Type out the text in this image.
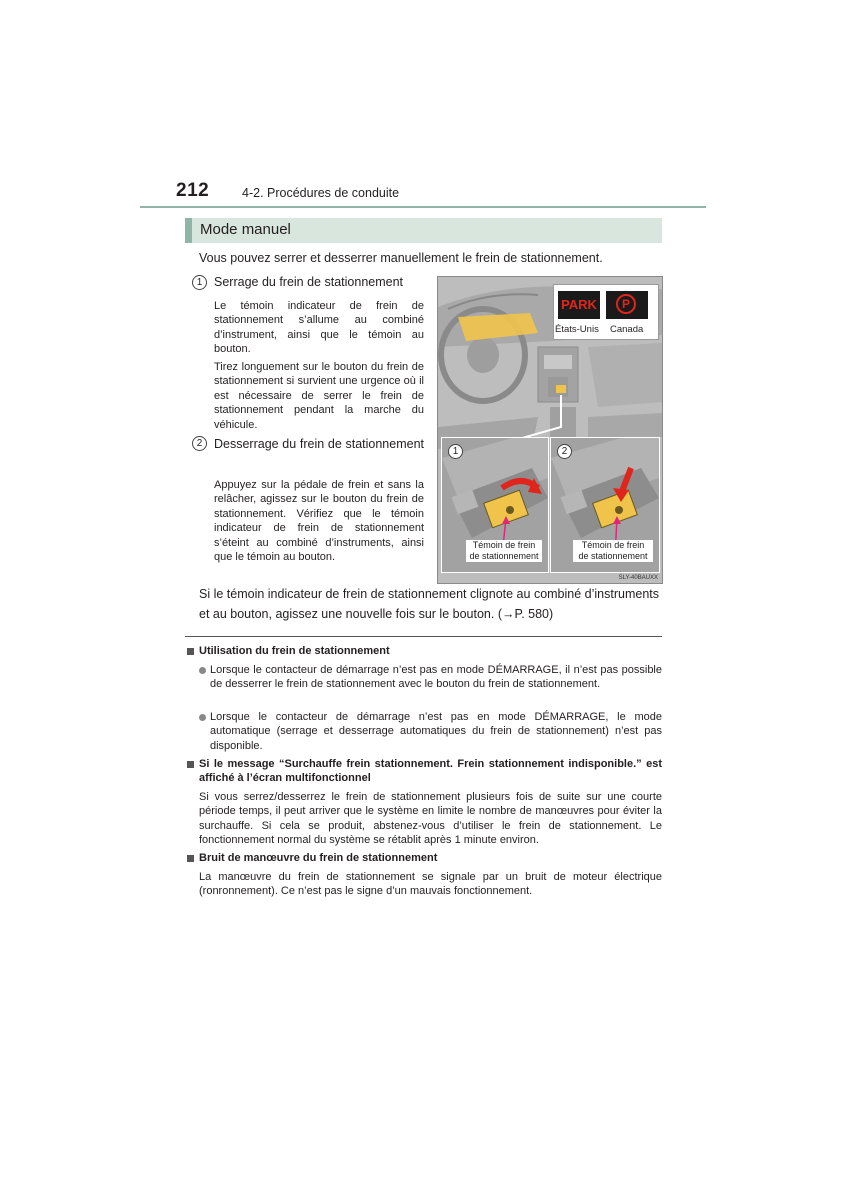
212	4-2. Procédures de conduite
Mode manuel
Vous pouvez serrer et desserrer manuellement le frein de stationnement.
1 Serrage du frein de stationnement
Le témoin indicateur de frein de stationnement s’allume au combiné d’instrument, ainsi que le témoin au bouton.
Tirez longuement sur le bouton du frein de stationnement si survient une urgence où il est nécessaire de serrer le frein de stationnement pendant la marche du véhicule.
2 Desserrage du frein de stationnement
Appuyez sur la pédale de frein et sans la relâcher, agissez sur le bouton du frein de stationnement. Vérifiez que le témoin indicateur de frein de stationnement s’éteint au combiné d’instruments, ainsi que le témoin au bouton.
Si le témoin indicateur de frein de stationnement clignote au combiné d’instruments et au bouton, agissez une nouvelle fois sur le bouton. (→P. 580)
PARK	P
États-Unis Canada
1
Témoin de frein
de stationnement
2
Témoin de frein
de stationnement
SLY-40BAUXX
Utilisation du frein de stationnement
Lorsque le contacteur de démarrage n’est pas en mode DÉMARRAGE, il n’est pas possible de desserrer le frein de stationnement avec le bouton du frein de stationnement.
Lorsque le contacteur de démarrage n’est pas en mode DÉMARRAGE, le mode automatique (serrage et desserrage automatiques du frein de stationnement) n’est pas disponible.
Si le message “Surchauffe frein stationnement. Frein stationnement indisponible.” est affiché à l’écran multifonctionnel
Si vous serrez/desserrez le frein de stationnement plusieurs fois de suite sur une courte période temps, il peut arriver que le système en limite le nombre de manœuvres pour éviter la surchauffe. Si cela se produit, abstenez-vous d’utiliser le frein de stationnement. Le fonctionnement normal du système se rétablit après 1 minute environ.
Bruit de manœuvre du frein de stationnement
La manœuvre du frein de stationnement se signale par un bruit de moteur électrique (ronronnement). Ce n’est pas le signe d’un mauvais fonctionnement.
